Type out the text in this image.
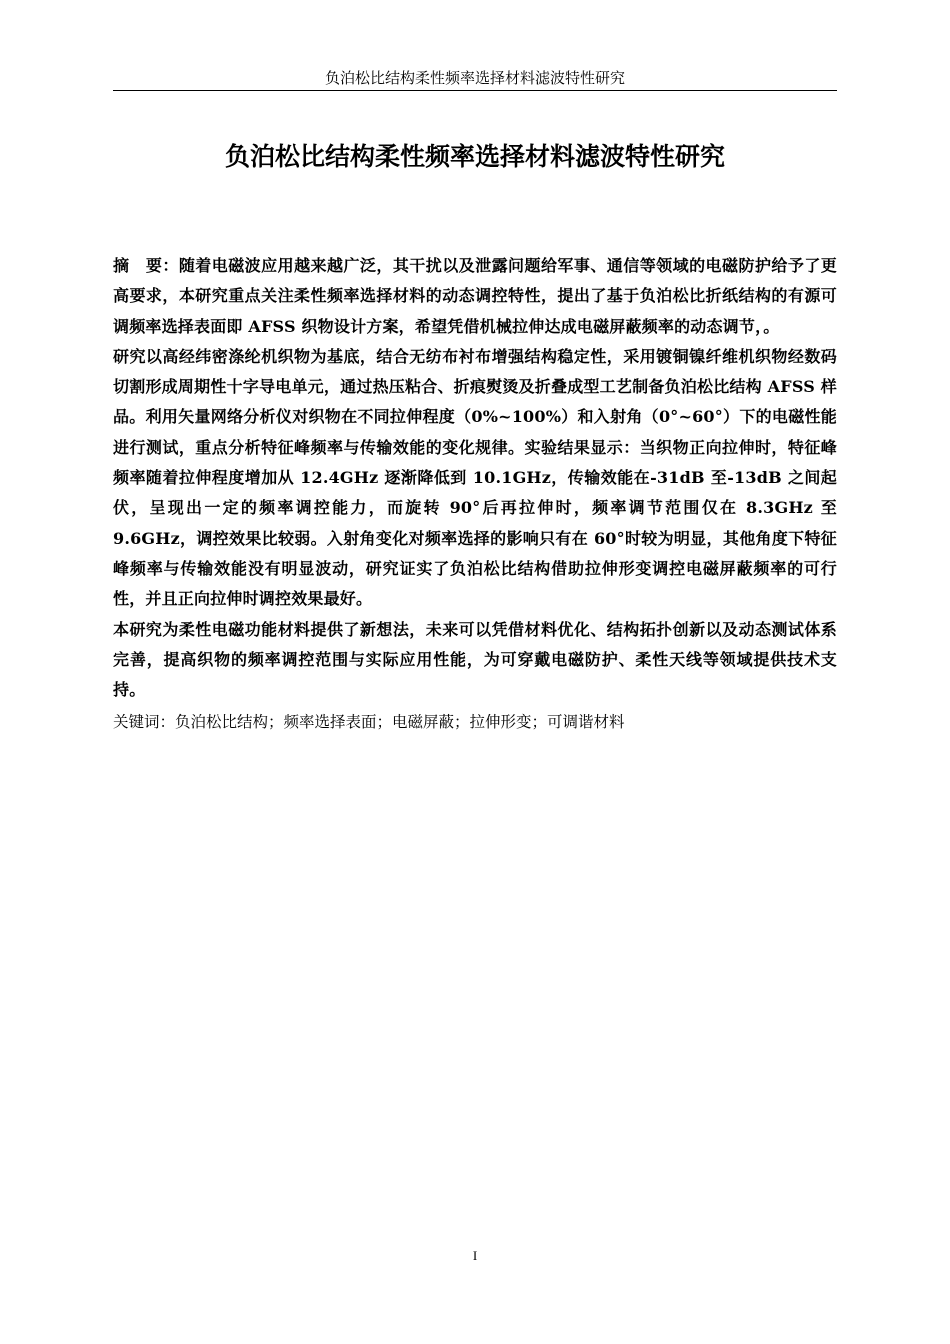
负泊松比结构柔性频率选择材料滤波特性研究
负泊松比结构柔性频率选择材料滤波特性研究

摘　要：随着电磁波应用越来越广泛，其干扰以及泄露问题给军事、通信等领域的电磁防护给予了更高要求，本研究重点关注柔性频率选择材料的动态调控特性，提出了基于负泊松比折纸结构的有源可调频率选择表面即 AFSS 织物设计方案，希望凭借机械拉伸达成电磁屏蔽频率的动态调节，。

研究以高经纬密涤纶机织物为基底，结合无纺布衬布增强结构稳定性，采用镀铜镍纤维机织物经数码切割形成周期性十字导电单元，通过热压粘合、折痕熨烫及折叠成型工艺制备负泊松比结构 AFSS 样品。利用矢量网络分析仪对织物在不同拉伸程度（0%~100%）和入射角（0°~60°）下的电磁性能进行测试，重点分析特征峰频率与传输效能的变化规律。实验结果显示：当织物正向拉伸时，特征峰频率随着拉伸程度增加从 12.4GHz 逐渐降低到 10.1GHz，传输效能在-31dB 至-13dB 之间起伏，呈现出一定的频率调控能力，而旋转 90°后再拉伸时，频率调节范围仅在 8.3GHz 至 9.6GHz，调控效果比较弱。入射角变化对频率选择的影响只有在 60°时较为明显，其他角度下特征峰频率与传输效能没有明显波动，研究证实了负泊松比结构借助拉伸形变调控电磁屏蔽频率的可行性，并且正向拉伸时调控效果最好。

本研究为柔性电磁功能材料提供了新想法，未来可以凭借材料优化、结构拓扑创新以及动态测试体系完善，提高织物的频率调控范围与实际应用性能，为可穿戴电磁防护、柔性天线等领域提供技术支持。

关键词：负泊松比结构；频率选择表面；电磁屏蔽；拉伸形变；可调谐材料

I
